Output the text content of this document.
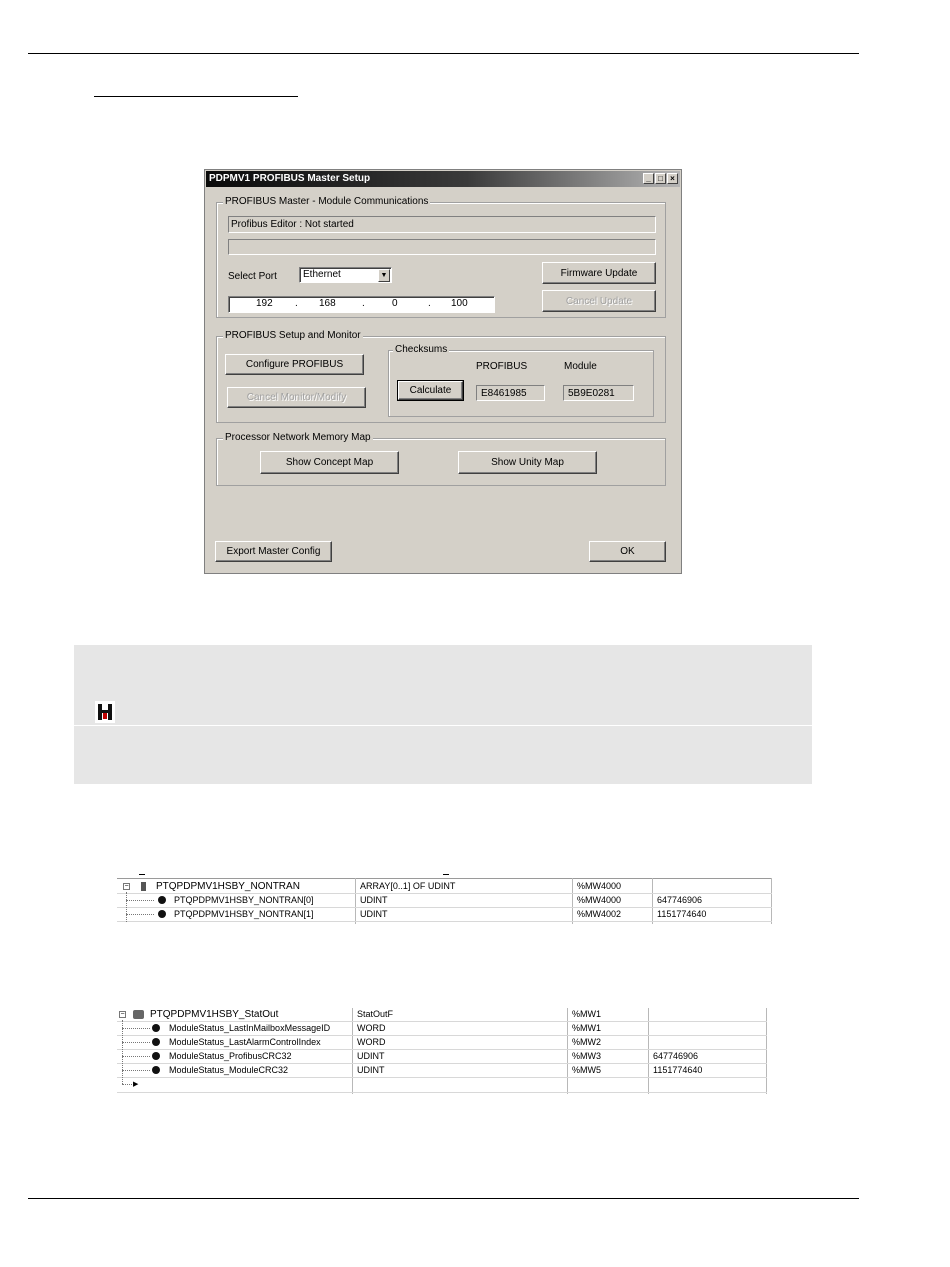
PDPMV1 PROFIBUS Master Setup	_ □ ×
PROFIBUS Master - Module Communications
Profibus Editor : Not started
Select Port	Ethernet	▼
192 . 168	.	0	. 100
Firmware Update
Cancel Update
PROFIBUS Setup and Monitor
Configure PROFIBUS
Cancel Monitor/Modify
Checksums
PROFIBUS	Module
Calculate	E8461985	5B9E0281
Processor Network Memory Map
Show Concept Map	Show Unity Map
Export Master Config	OK
−	PTQPDPMV1HSBY_NONTRAN	ARRAY[0..1] OF UDINT	%MW4000
PTQPDPMV1HSBY_NONTRAN[0]	UDINT	%MW4000	647746906
PTQPDPMV1HSBY_NONTRAN[1]	UDINT	%MW4002	1151774640
▶
−	PTQPDPMV1HSBY_StatOut	StatOutF	%MW1
ModuleStatus_LastInMailboxMessageID	WORD	%MW1
ModuleStatus_LastAlarmControlIndex	WORD	%MW2
ModuleStatus_ProfibusCRC32	UDINT	%MW3	647746906
ModuleStatus_ModuleCRC32	UDINT	%MW5	1151774640
